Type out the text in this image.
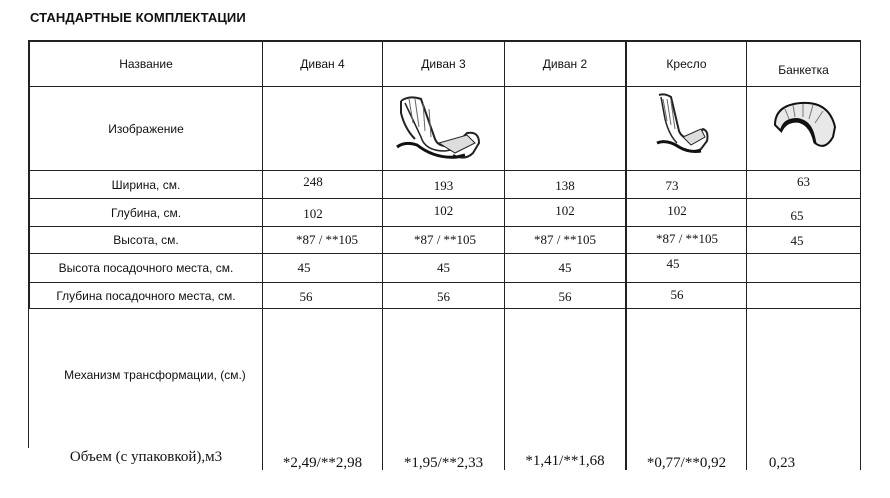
СТАНДАРТНЫЕ КОМПЛЕКТАЦИИ
Название	Диван 4	Диван 3	Диван 2	Кресло	Банкетка
Изображение
Ширина, см.	248	193	138	73	63
Глубина, см.	102	102	102	102	65
Высота, см.	*87 / **105	*87 / **105	*87 / **105	*87 / **105	45
Высота посадочного места, см.	45	45	45	45
Глубина посадочного места, см.	56	56	56	56
Механизм трансформации, (см.)
Объем (с упаковкой),м3	*2,49/**2,98	*1,95/**2,33	*1,41/**1,68	*0,77/**0,92	0,23
